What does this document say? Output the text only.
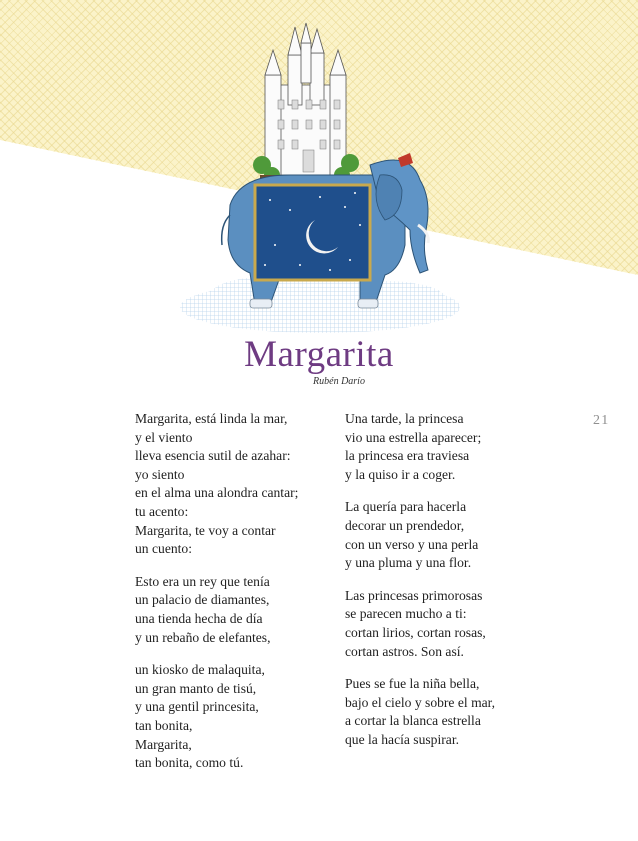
Margarita
Rubén Darío
Margarita, está linda la mar,
y el viento
lleva esencia sutil de azahar:
yo siento
en el alma una alondra cantar;
tu acento:
Margarita, te voy a contar
un cuento:
Esto era un rey que tenía
un palacio de diamantes,
una tienda hecha de día
y un rebaño de elefantes,
un kiosko de malaquita,
un gran manto de tisú,
y una gentil princesita,
tan bonita,
Margarita,
tan bonita, como tú.
Una tarde, la princesa
vio una estrella aparecer;
la princesa era traviesa
y la quiso ir a coger.
La quería para hacerla
decorar un prendedor,
con un verso y una perla
y una pluma y una flor.
Las princesas primorosas
se parecen mucho a ti:
cortan lirios, cortan rosas,
cortan astros. Son así.
Pues se fue la niña bella,
bajo el cielo y sobre el mar,
a cortar la blanca estrella
que la hacía suspirar.
21
